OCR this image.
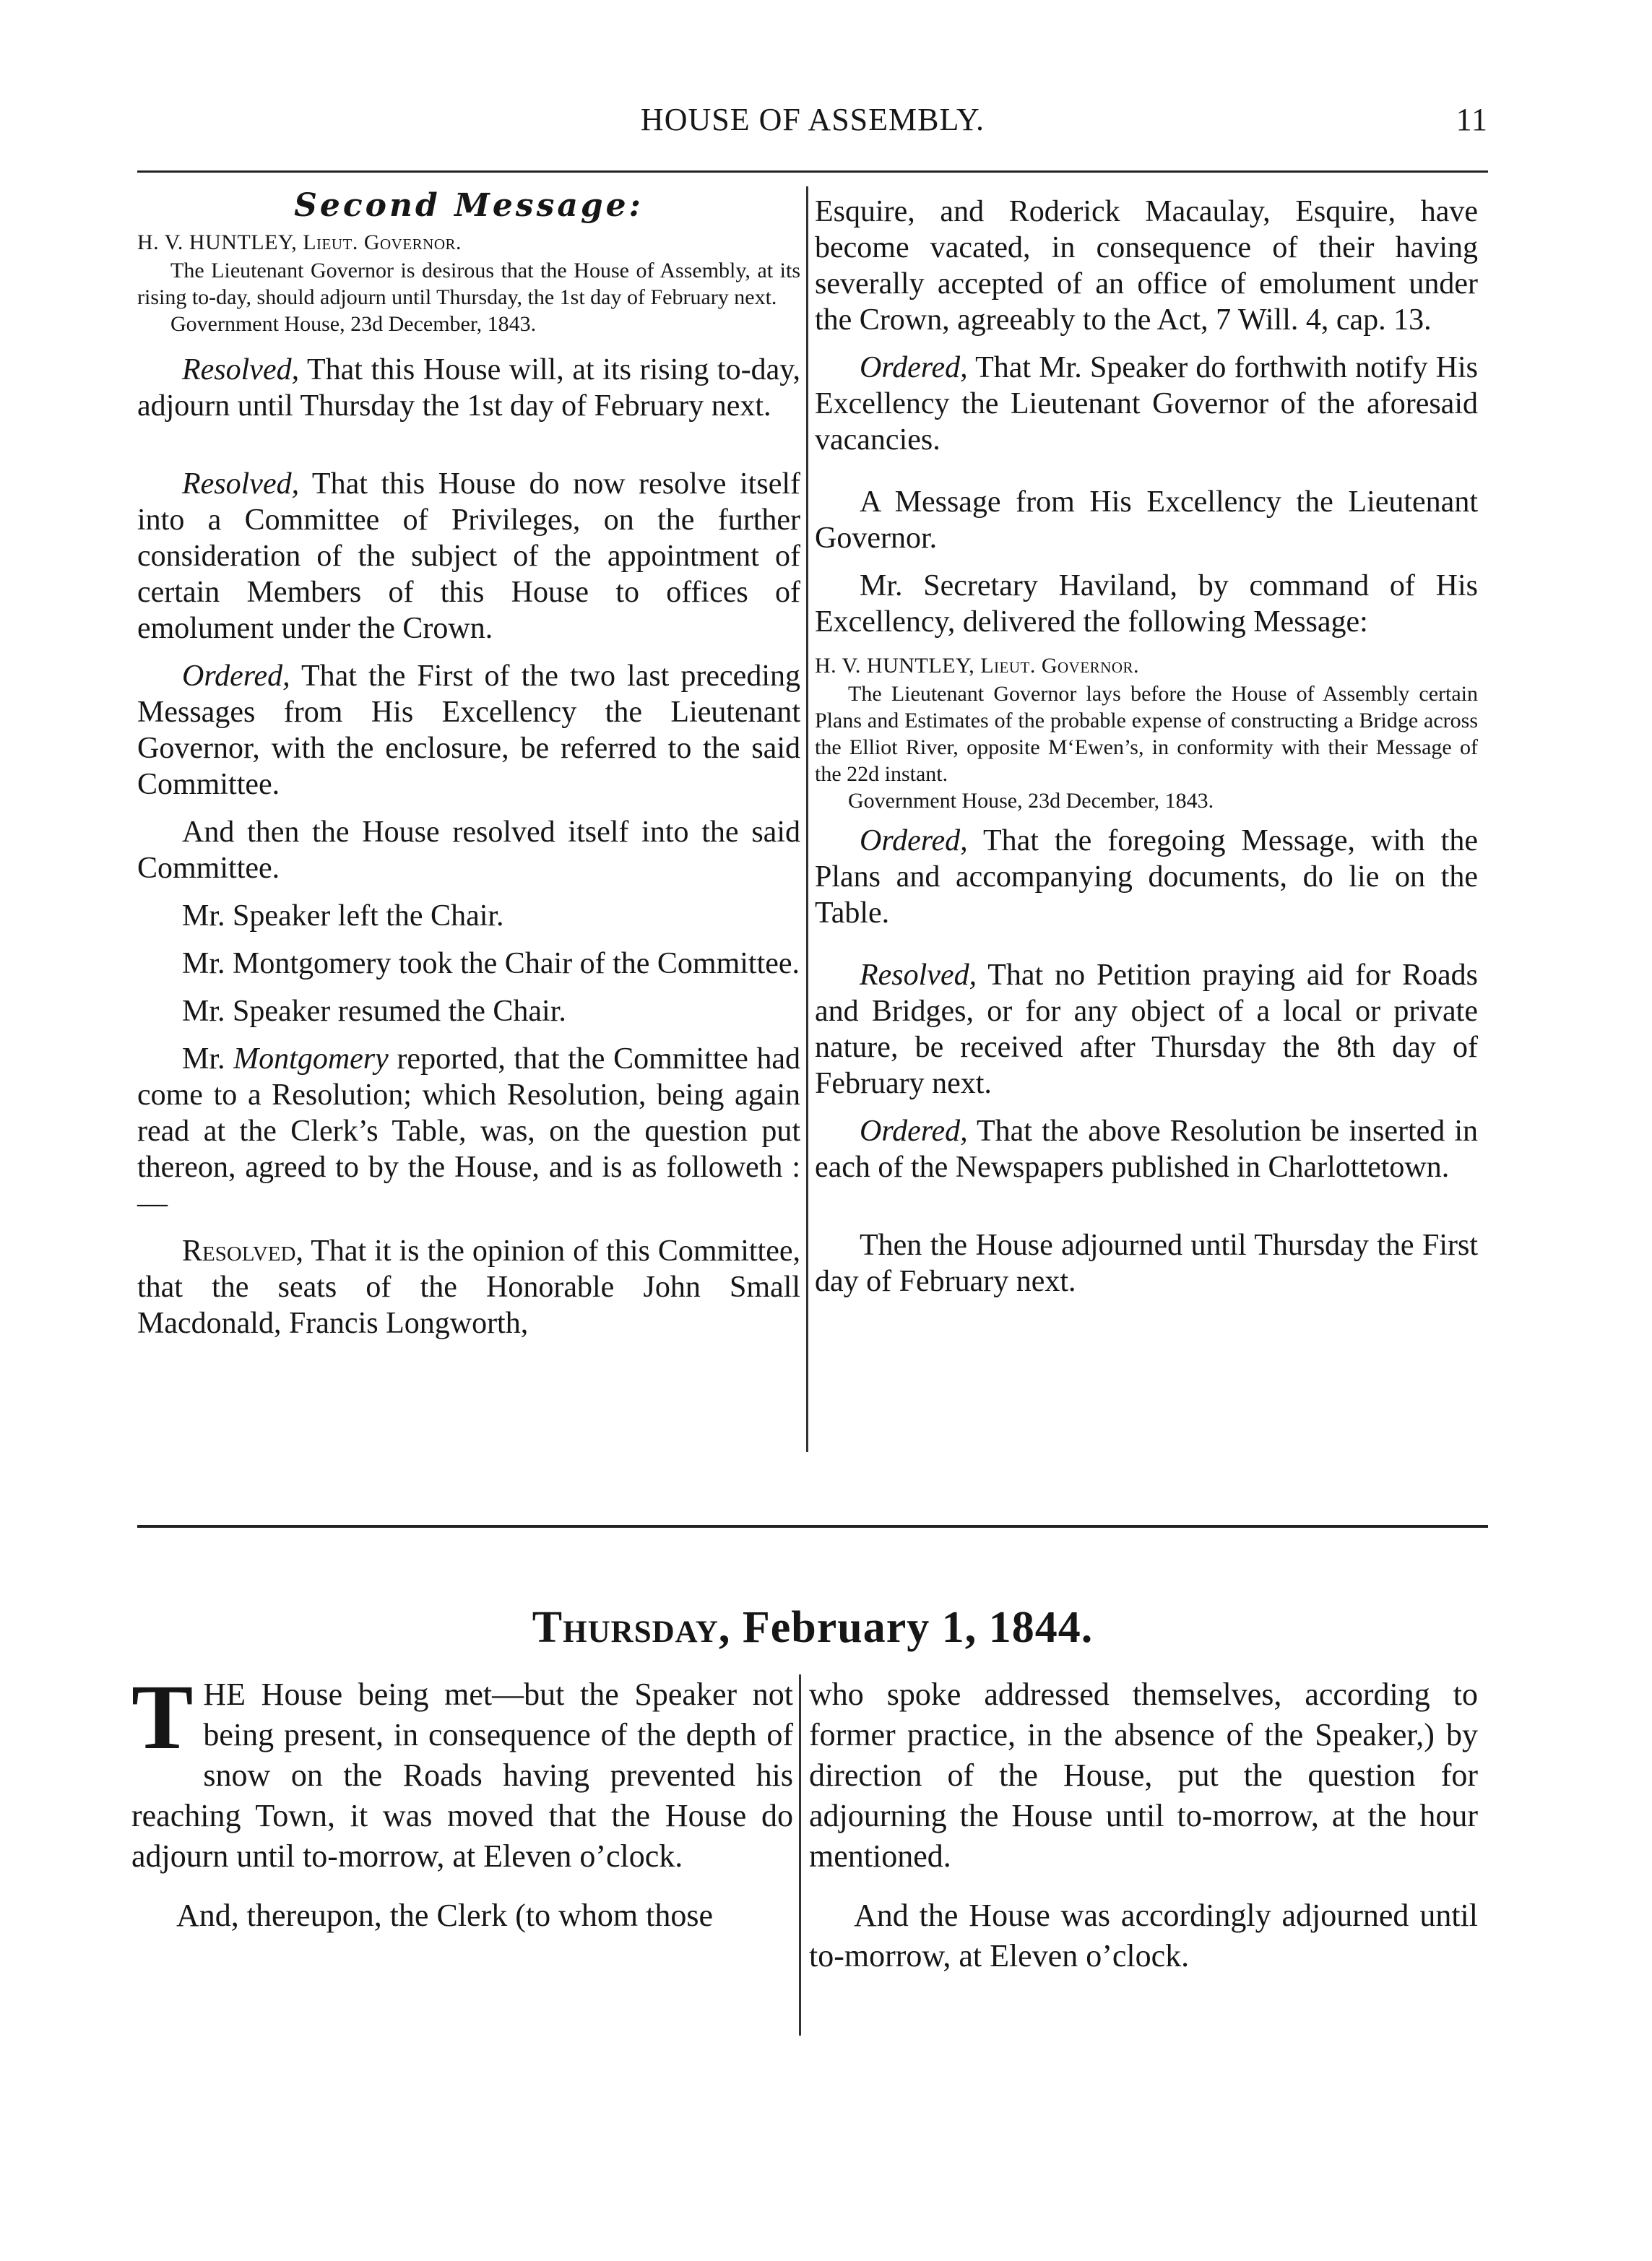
HOUSE OF ASSEMBLY.	11

Second Message:

H. V. HUNTLEY, Lieut. Governor.

The Lieutenant Governor is desirous that the House of Assembly, at its rising to-day, should adjourn until Thursday, the 1st day of February next.

Government House, 23d December, 1843.

Resolved, That this House will, at its rising to-day, adjourn until Thursday the 1st day of February next.

Resolved, That this House do now resolve itself into a Committee of Privileges, on the further consideration of the subject of the appointment of certain Members of this House to offices of emolument under the Crown.

Ordered, That the First of the two last preceding Messages from His Excellency the Lieutenant Governor, with the enclosure, be referred to the said Committee.

And then the House resolved itself into the said Committee.

Mr. Speaker left the Chair.

Mr. Montgomery took the Chair of the Committee.

Mr. Speaker resumed the Chair.

Mr. Montgomery reported, that the Committee had come to a Resolution; which Resolution, being again read at the Clerk’s Table, was, on the question put thereon, agreed to by the House, and is as followeth :—

Resolved, That it is the opinion of this Committee, that the seats of the Honorable John Small Macdonald, Francis Longworth,

Esquire, and Roderick Macaulay, Esquire, have become vacated, in consequence of their having severally accepted of an office of emolument under the Crown, agreeably to the Act, 7 Will. 4, cap. 13.

Ordered, That Mr. Speaker do forthwith notify His Excellency the Lieutenant Governor of the aforesaid vacancies.

A Message from His Excellency the Lieutenant Governor.

Mr. Secretary Haviland, by command of His Excellency, delivered the following Message:

H. V. HUNTLEY, Lieut. Governor.

The Lieutenant Governor lays before the House of Assembly certain Plans and Estimates of the probable expense of constructing a Bridge across the Elliot River, opposite M‘Ewen’s, in conformity with their Message of the 22d instant.

Government House, 23d December, 1843.

Ordered, That the foregoing Message, with the Plans and accompanying documents, do lie on the Table.

Resolved, That no Petition praying aid for Roads and Bridges, or for any object of a local or private nature, be received after Thursday the 8th day of February next.

Ordered, That the above Resolution be inserted in each of the Newspapers published in Charlottetown.

Then the House adjourned until Thursday the First day of February next.

Thursday, February 1, 1844.

THE House being met—but the Speaker not being present, in consequence of the depth of snow on the Roads having prevented his reaching Town, it was moved that the House do adjourn until to-morrow, at Eleven o’clock.

And, thereupon, the Clerk (to whom those

who spoke addressed themselves, according to former practice, in the absence of the Speaker,) by direction of the House, put the question for adjourning the House until to-morrow, at the hour mentioned.

And the House was accordingly adjourned until to-morrow, at Eleven o’clock.
